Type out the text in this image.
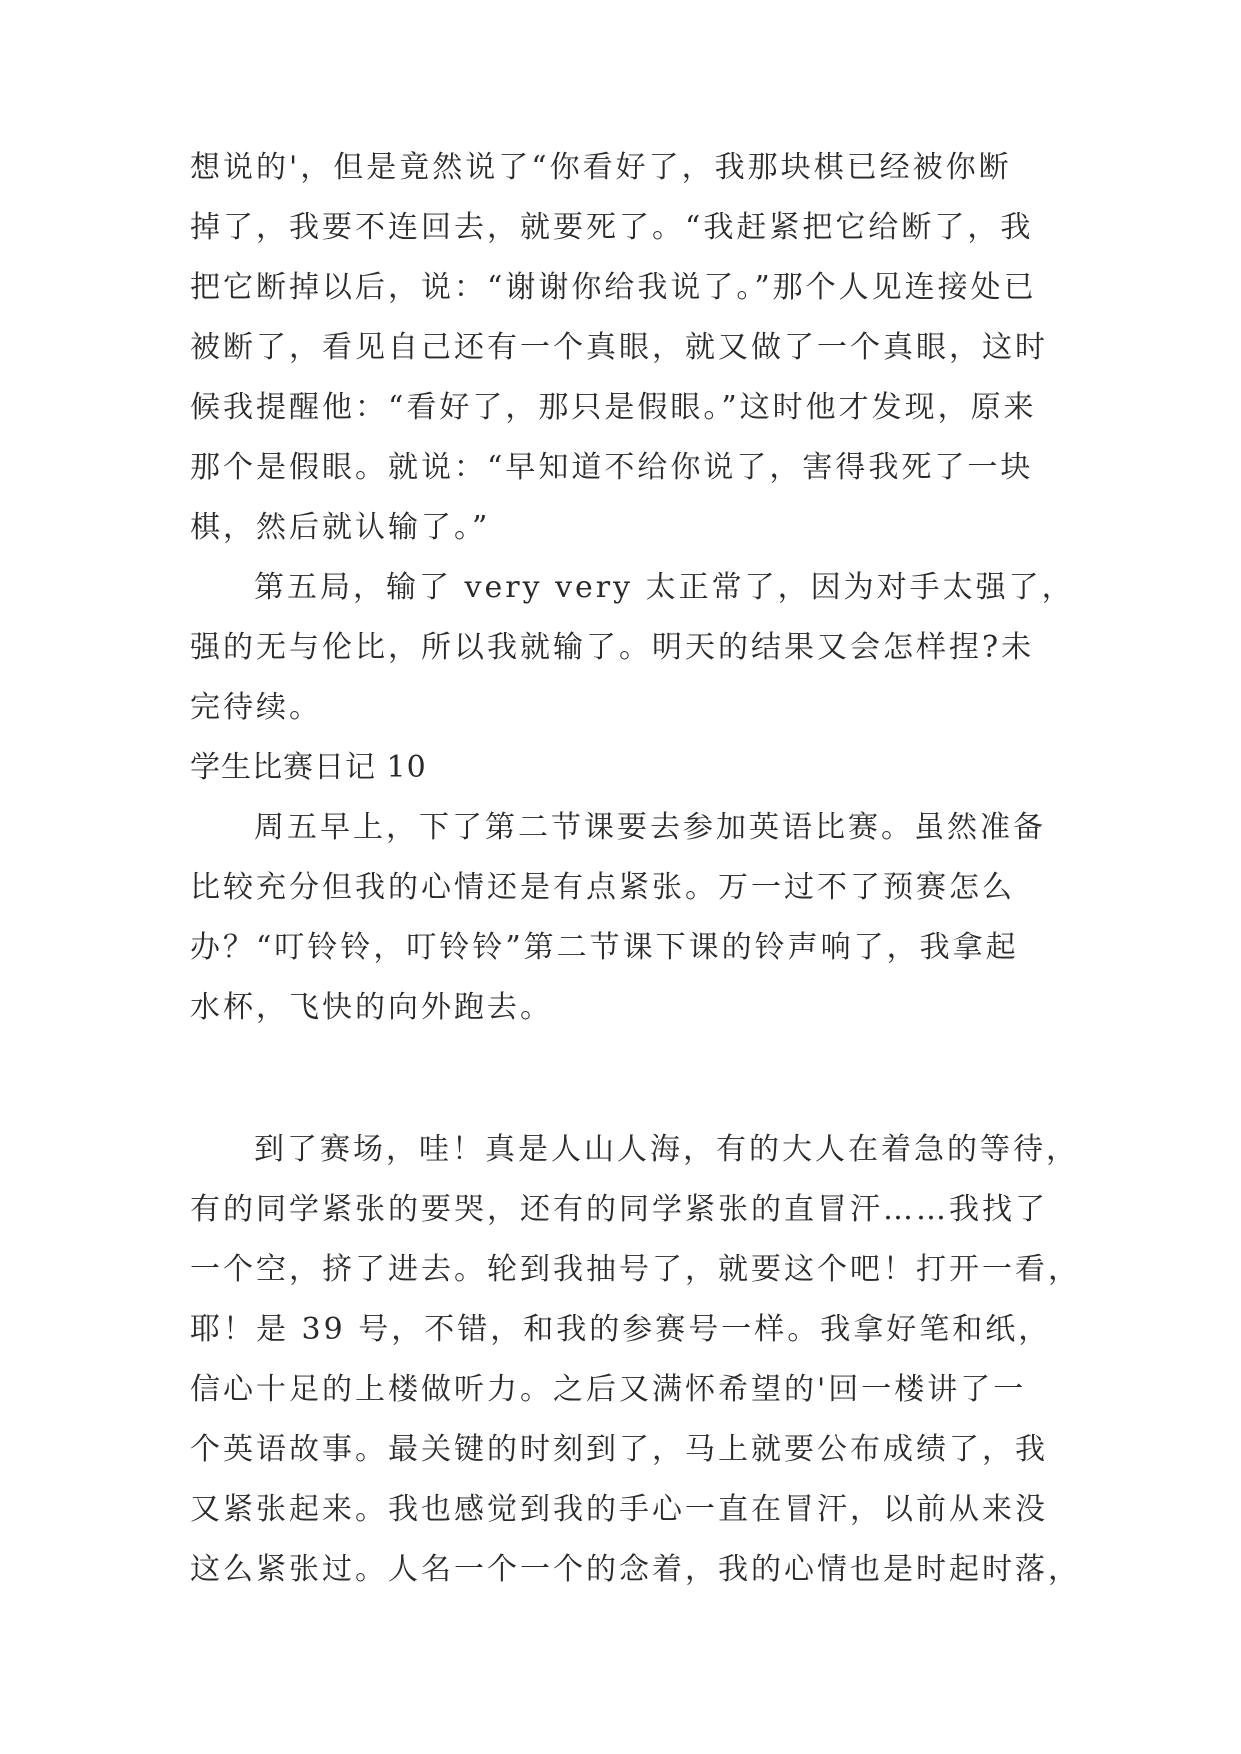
想说的'，但是竟然说了“你看好了，我那块棋已经被你断

掉了，我要不连回去，就要死了。“我赶紧把它给断了，我

把它断掉以后，说：“谢谢你给我说了。”那个人见连接处已

被断了，看见自己还有一个真眼，就又做了一个真眼，这时

候我提醒他：“看好了，那只是假眼。”这时他才发现，原来

那个是假眼。就说：“早知道不给你说了，害得我死了一块

棋，然后就认输了。”

第五局，输了 very very 太正常了，因为对手太强了，

强的无与伦比，所以我就输了。明天的结果又会怎样捏?未

完待续。

学生比赛日记 10

周五早上，下了第二节课要去参加英语比赛。虽然准备

比较充分但我的心情还是有点紧张。万一过不了预赛怎么

办？“叮铃铃，叮铃铃”第二节课下课的铃声响了，我拿起

水杯，飞快的向外跑去。

到了赛场，哇！真是人山人海，有的大人在着急的等待，

有的同学紧张的要哭，还有的同学紧张的直冒汗……我找了

一个空，挤了进去。轮到我抽号了，就要这个吧！打开一看，

耶！是 39 号，不错，和我的参赛号一样。我拿好笔和纸，

信心十足的上楼做听力。之后又满怀希望的'回一楼讲了一

个英语故事。最关键的时刻到了，马上就要公布成绩了，我

又紧张起来。我也感觉到我的手心一直在冒汗，以前从来没

这么紧张过。人名一个一个的念着，我的心情也是时起时落，
